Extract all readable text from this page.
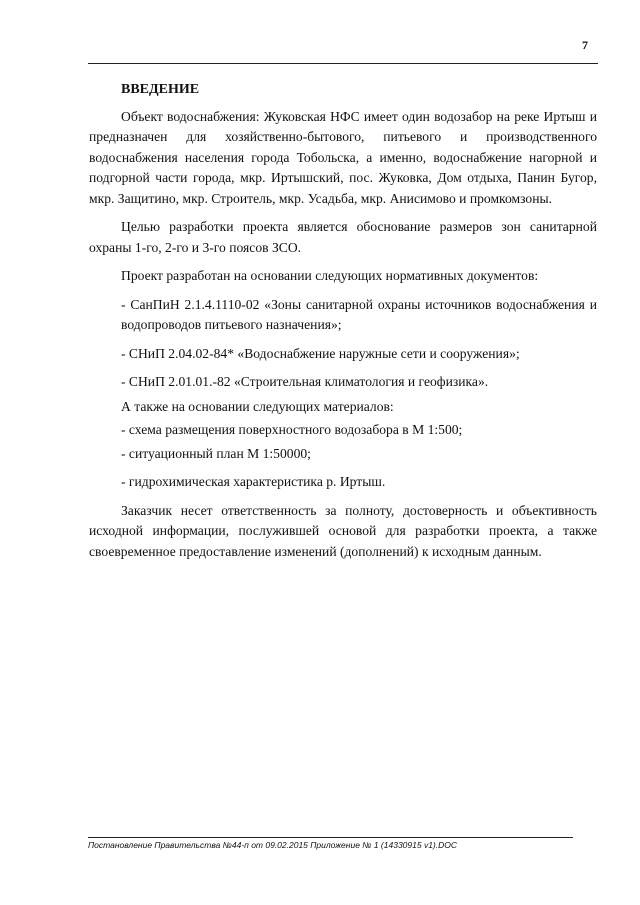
7
ВВЕДЕНИЕ

Объект водоснабжения: Жуковская НФС имеет один водозабор на реке Иртыш и предназначен для хозяйственно-бытового, питьевого и производственного водоснабжения населения города Тобольска, а именно, водоснабжение нагорной и подгорной части города, мкр. Иртышский, пос. Жуковка, Дом отдыха, Панин Бугор, мкр. Защитино, мкр. Строитель, мкр. Усадьба, мкр. Анисимово и промкомзоны.

Целью разработки проекта является обоснование размеров зон санитарной охраны 1-го, 2-го и 3-го поясов ЗСО.

Проект разработан на основании следующих нормативных документов:

- СанПиН 2.1.4.1110-02 «Зоны санитарной охраны источников водоснабжения и водопроводов питьевого назначения»;

- СНиП 2.04.02-84* «Водоснабжение наружные сети и сооружения»;

- СНиП 2.01.01.-82 «Строительная климатология и геофизика».

А также на основании следующих материалов:

- схема размещения поверхностного водозабора в М 1:500;

- ситуационный план М 1:50000;

- гидрохимическая характеристика р. Иртыш.

Заказчик несет ответственность за полноту, достоверность и объективность исходной информации, послужившей основой для разработки проекта, а также своевременное предоставление изменений (дополнений) к исходным данным.

Постановление Правительства №44-п от 09.02.2015 Приложение № 1 (14330915 v1).DOC
